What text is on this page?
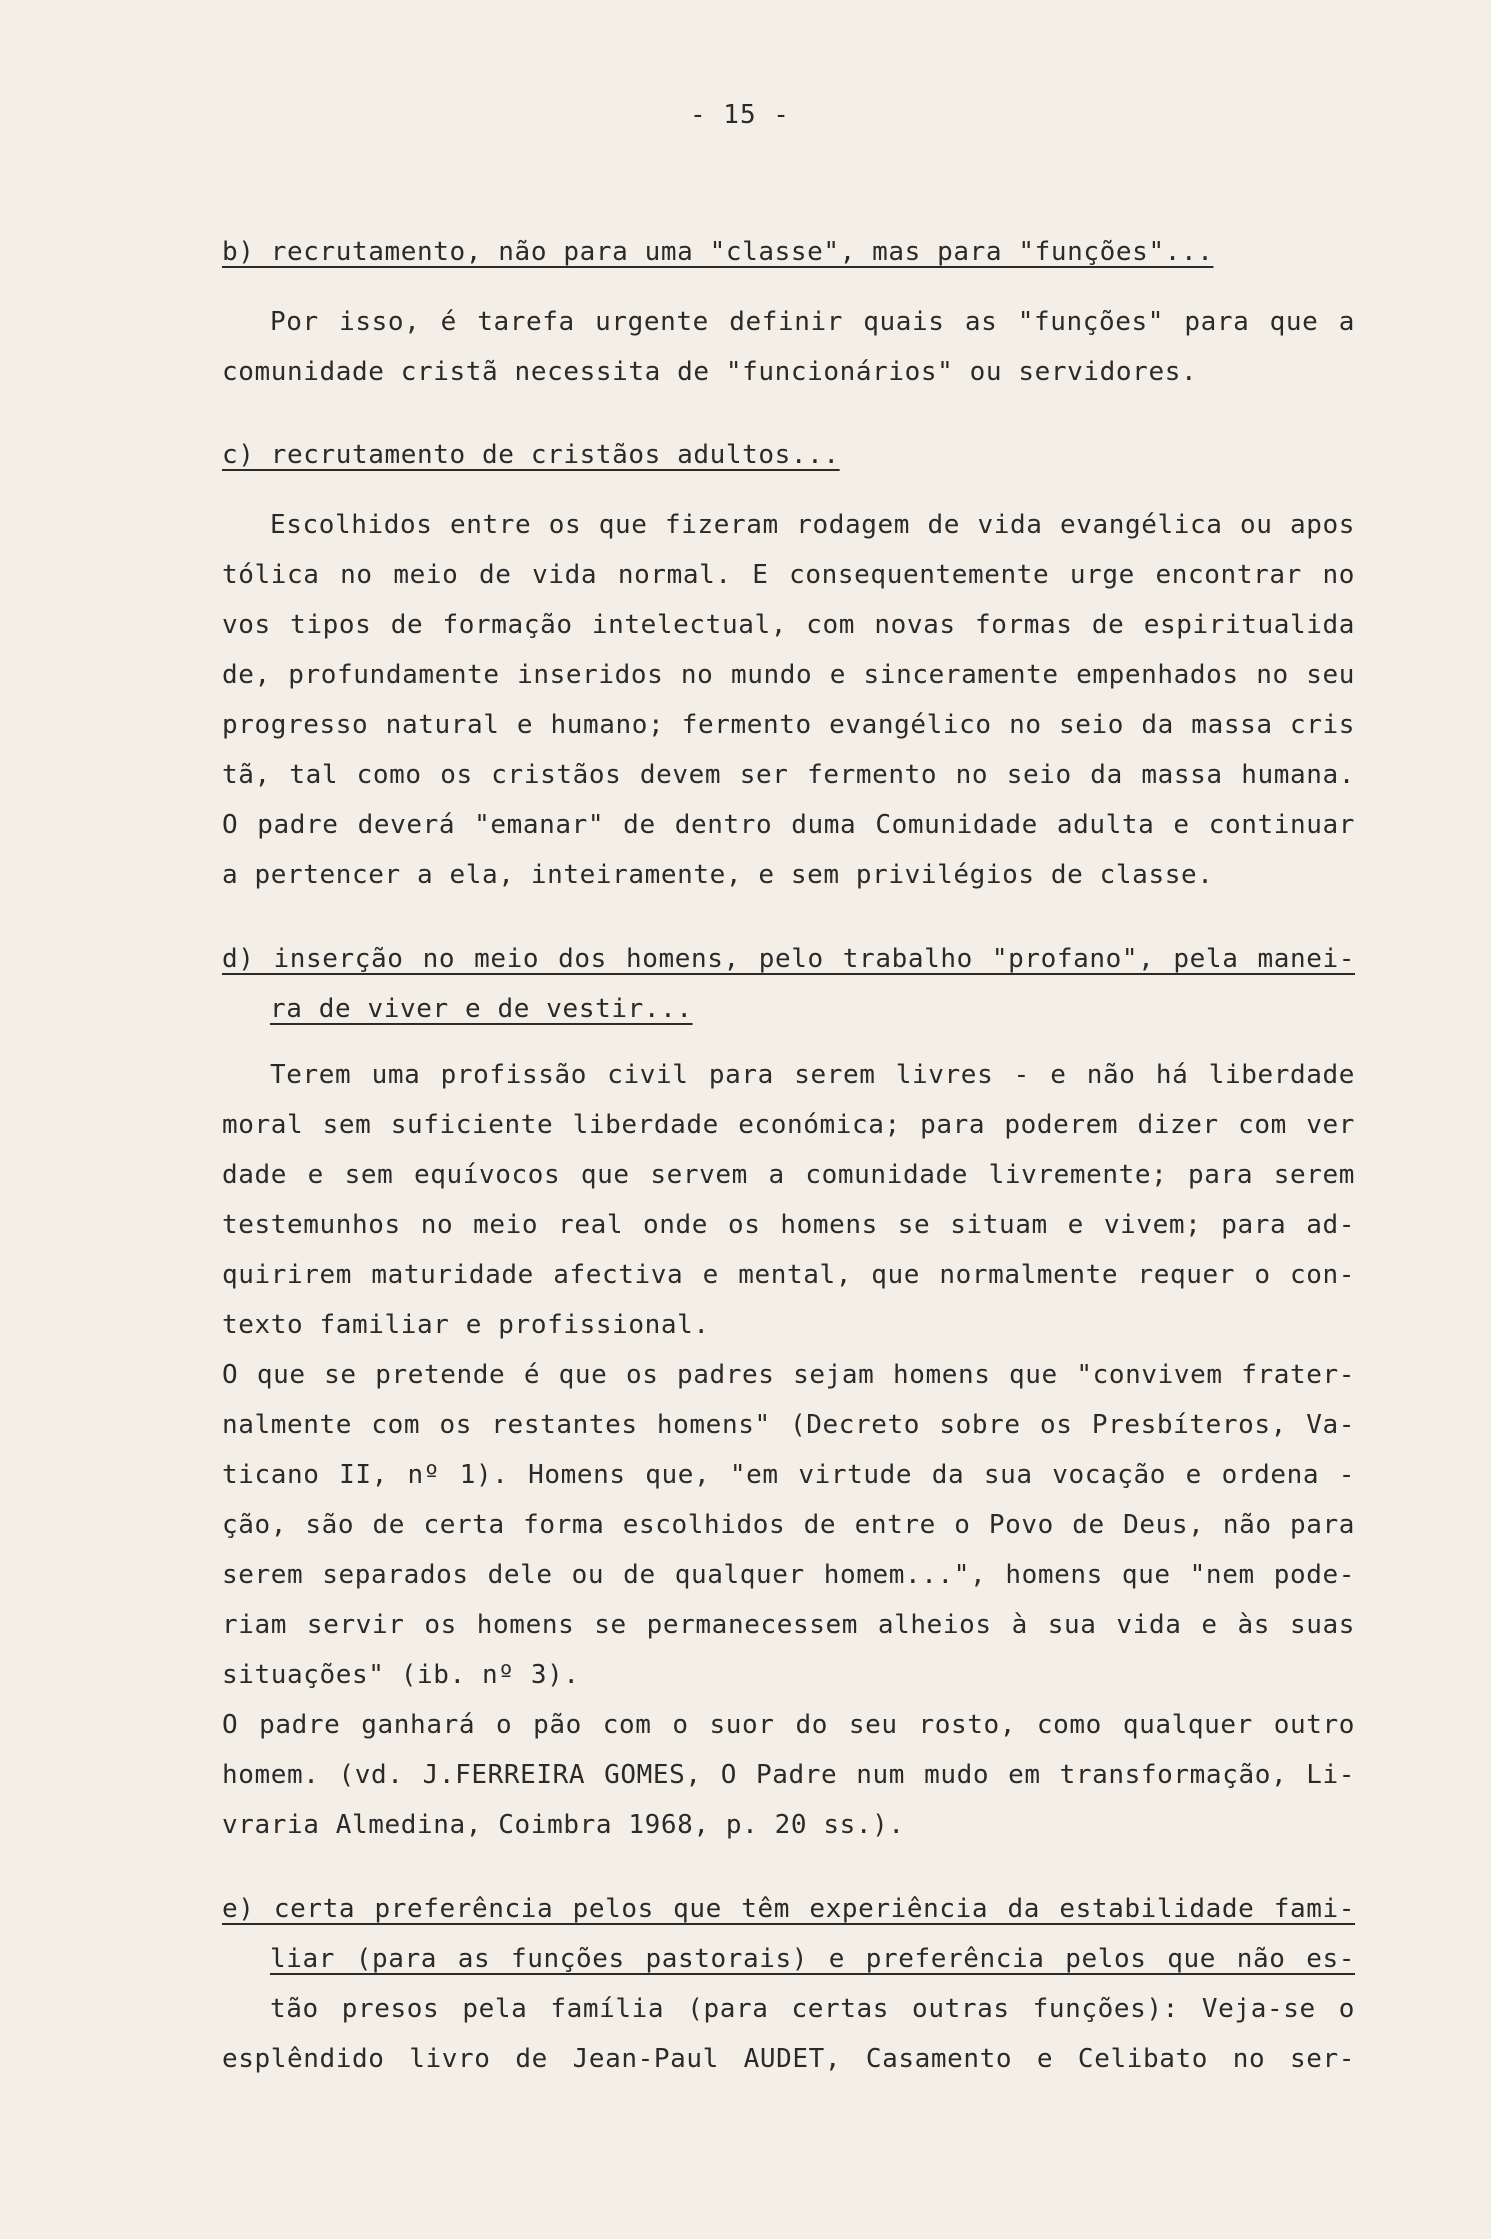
- 15 -
b) recrutamento, não para uma "classe", mas para "funções"...
Por isso, é tarefa urgente definir quais as "funções" para que a
comunidade cristã necessita de "funcionários" ou servidores.
c) recrutamento de cristãos adultos...
Escolhidos entre os que fizeram rodagem de vida evangélica ou apos
tólica no meio de vida normal. E consequentemente urge encontrar no
vos tipos de formação intelectual, com novas formas de espiritualida
de, profundamente inseridos no mundo e sinceramente empenhados no seu
progresso natural e humano; fermento evangélico no seio da massa cris
tã, tal como os cristãos devem ser fermento no seio da massa humana.
O padre deverá "emanar" de dentro duma Comunidade adulta e continuar
a pertencer a ela, inteiramente, e sem privilégios de classe.
d) inserção no meio dos homens, pelo trabalho "profano", pela manei-
ra de viver e de vestir...
Terem uma profissão civil para serem livres - e não há liberdade
moral sem suficiente liberdade económica; para poderem dizer com ver
dade e sem equívocos que servem a comunidade livremente; para serem
testemunhos no meio real onde os homens se situam e vivem; para ad-
quirirem maturidade afectiva e mental, que normalmente requer o con-
texto familiar e profissional.
O que se pretende é que os padres sejam homens que "convivem frater-
nalmente com os restantes homens" (Decreto sobre os Presbíteros, Va-
ticano II, nº 1). Homens que, "em virtude da sua vocação e ordena -
ção, são de certa forma escolhidos de entre o Povo de Deus, não para
serem separados dele ou de qualquer homem...", homens que "nem pode-
riam servir os homens se permanecessem alheios à sua vida e às suas
situações" (ib. nº 3).
O padre ganhará o pão com o suor do seu rosto, como qualquer outro
homem. (vd. J.FERREIRA GOMES, O Padre num mudo em transformação, Li-
vraria Almedina, Coimbra 1968, p. 20 ss.).
e) certa preferência pelos que têm experiência da estabilidade fami-
liar (para as funções pastorais) e preferência pelos que não es-
tão presos pela família (para certas outras funções): Veja-se o
esplêndido livro de Jean-Paul AUDET, Casamento e Celibato no ser-
